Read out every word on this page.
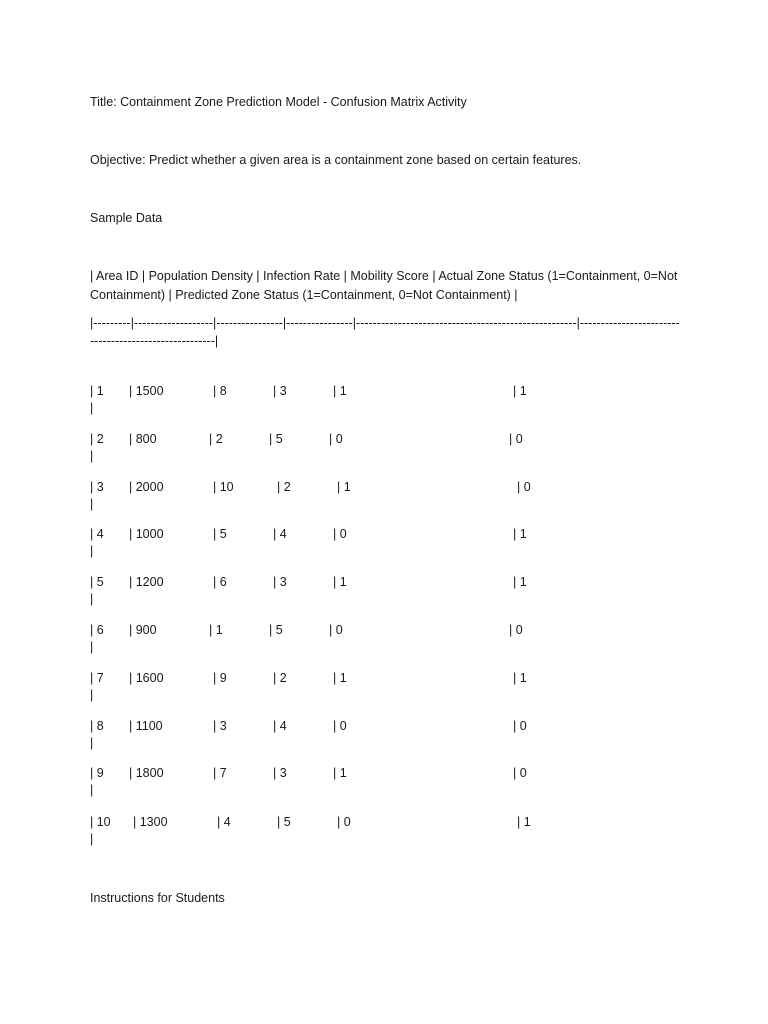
Title: Containment Zone Prediction Model - Confusion Matrix Activity
Objective: Predict whether a given area is a containment zone based on certain features.
Sample Data
| Area ID | Population Density | Infection Rate | Mobility Score | Actual Zone Status (1=Containment, 0=Not Containment) | Predicted Zone Status (1=Containment, 0=Not Containment) |
|---------|-------------------|----------------|----------------|-----------------------------------------------------|------------------------------------------------------|
| 1 | 1500	| 8	| 3	| 1	| 1
|
| 2 | 800	| 2	| 5	| 0	| 0
|
| 3 | 2000	| 10	| 2	| 1	| 0
|
| 4 | 1000	| 5	| 4	| 0	| 1
|
| 5 | 1200	| 6	| 3	| 1	| 1
|
| 6 | 900	| 1	| 5	| 0	| 0
|
| 7 | 1600	| 9	| 2	| 1	| 1
|
| 8 | 1100	| 3	| 4	| 0	| 0
|
| 9 | 1800	| 7	| 3	| 1	| 0
|
| 10 | 1300	| 4	| 5	| 0	| 1
|
Instructions for Students
